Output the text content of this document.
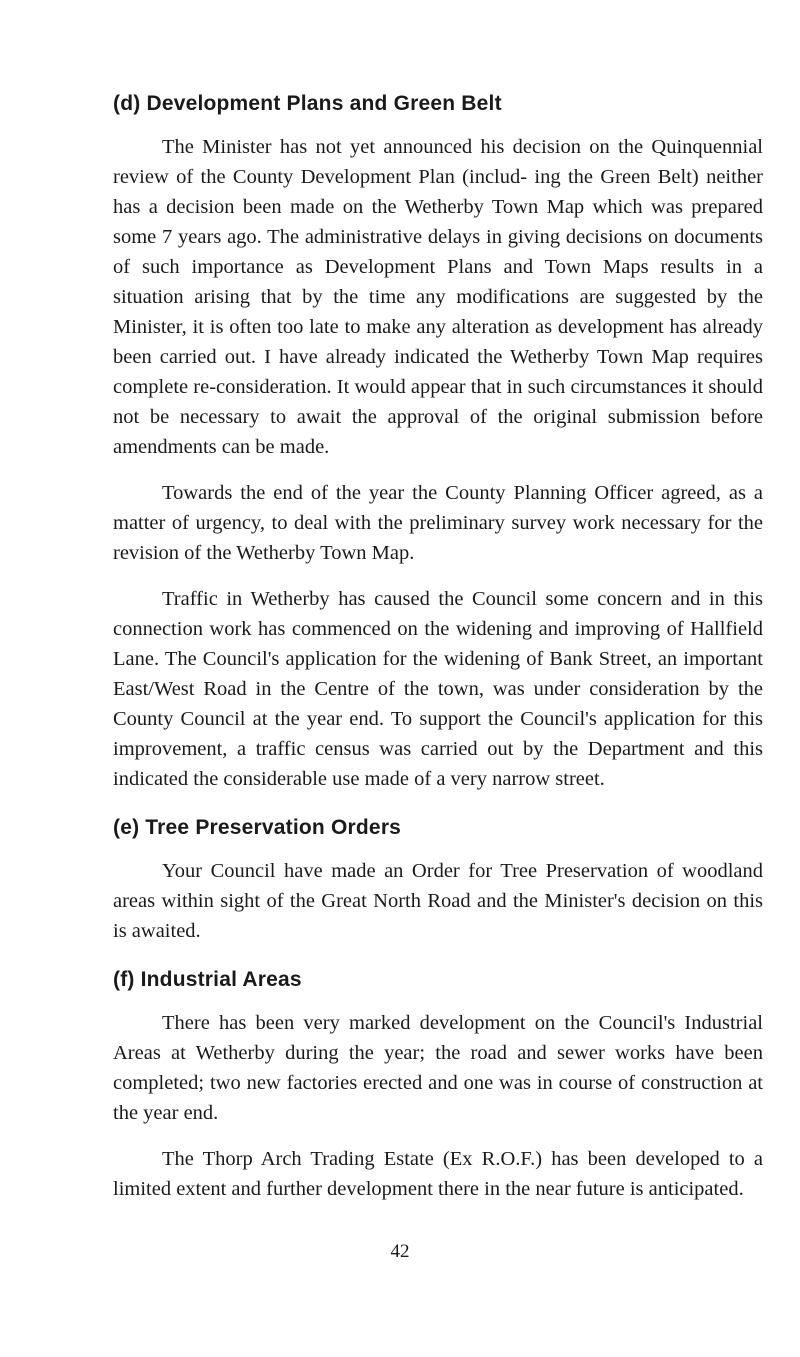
(d) Development Plans and Green Belt

The Minister has not yet announced his decision on the Quinquennial review of the County Development Plan (includ- ing the Green Belt) neither has a decision been made on the Wetherby Town Map which was prepared some 7 years ago. The administrative delays in giving decisions on documents of such importance as Development Plans and Town Maps results in a situation arising that by the time any modifications are suggested by the Minister, it is often too late to make any alteration as development has already been carried out. I have already indicated the Wetherby Town Map requires complete re-consideration. It would appear that in such circumstances it should not be necessary to await the approval of the original submission before amendments can be made.

Towards the end of the year the County Planning Officer agreed, as a matter of urgency, to deal with the preliminary survey work necessary for the revision of the Wetherby Town Map.

Traffic in Wetherby has caused the Council some concern and in this connection work has commenced on the widening and improving of Hallfield Lane. The Council's application for the widening of Bank Street, an important East/West Road in the Centre of the town, was under consideration by the County Council at the year end. To support the Council's application for this improvement, a traffic census was carried out by the Department and this indicated the considerable use made of a very narrow street.

(e) Tree Preservation Orders

Your Council have made an Order for Tree Preservation of woodland areas within sight of the Great North Road and the Minister's decision on this is awaited.

(f) Industrial Areas

There has been very marked development on the Council's Industrial Areas at Wetherby during the year; the road and sewer works have been completed; two new factories erected and one was in course of construction at the year end.

The Thorp Arch Trading Estate (Ex R.O.F.) has been developed to a limited extent and further development there in the near future is anticipated.

42
